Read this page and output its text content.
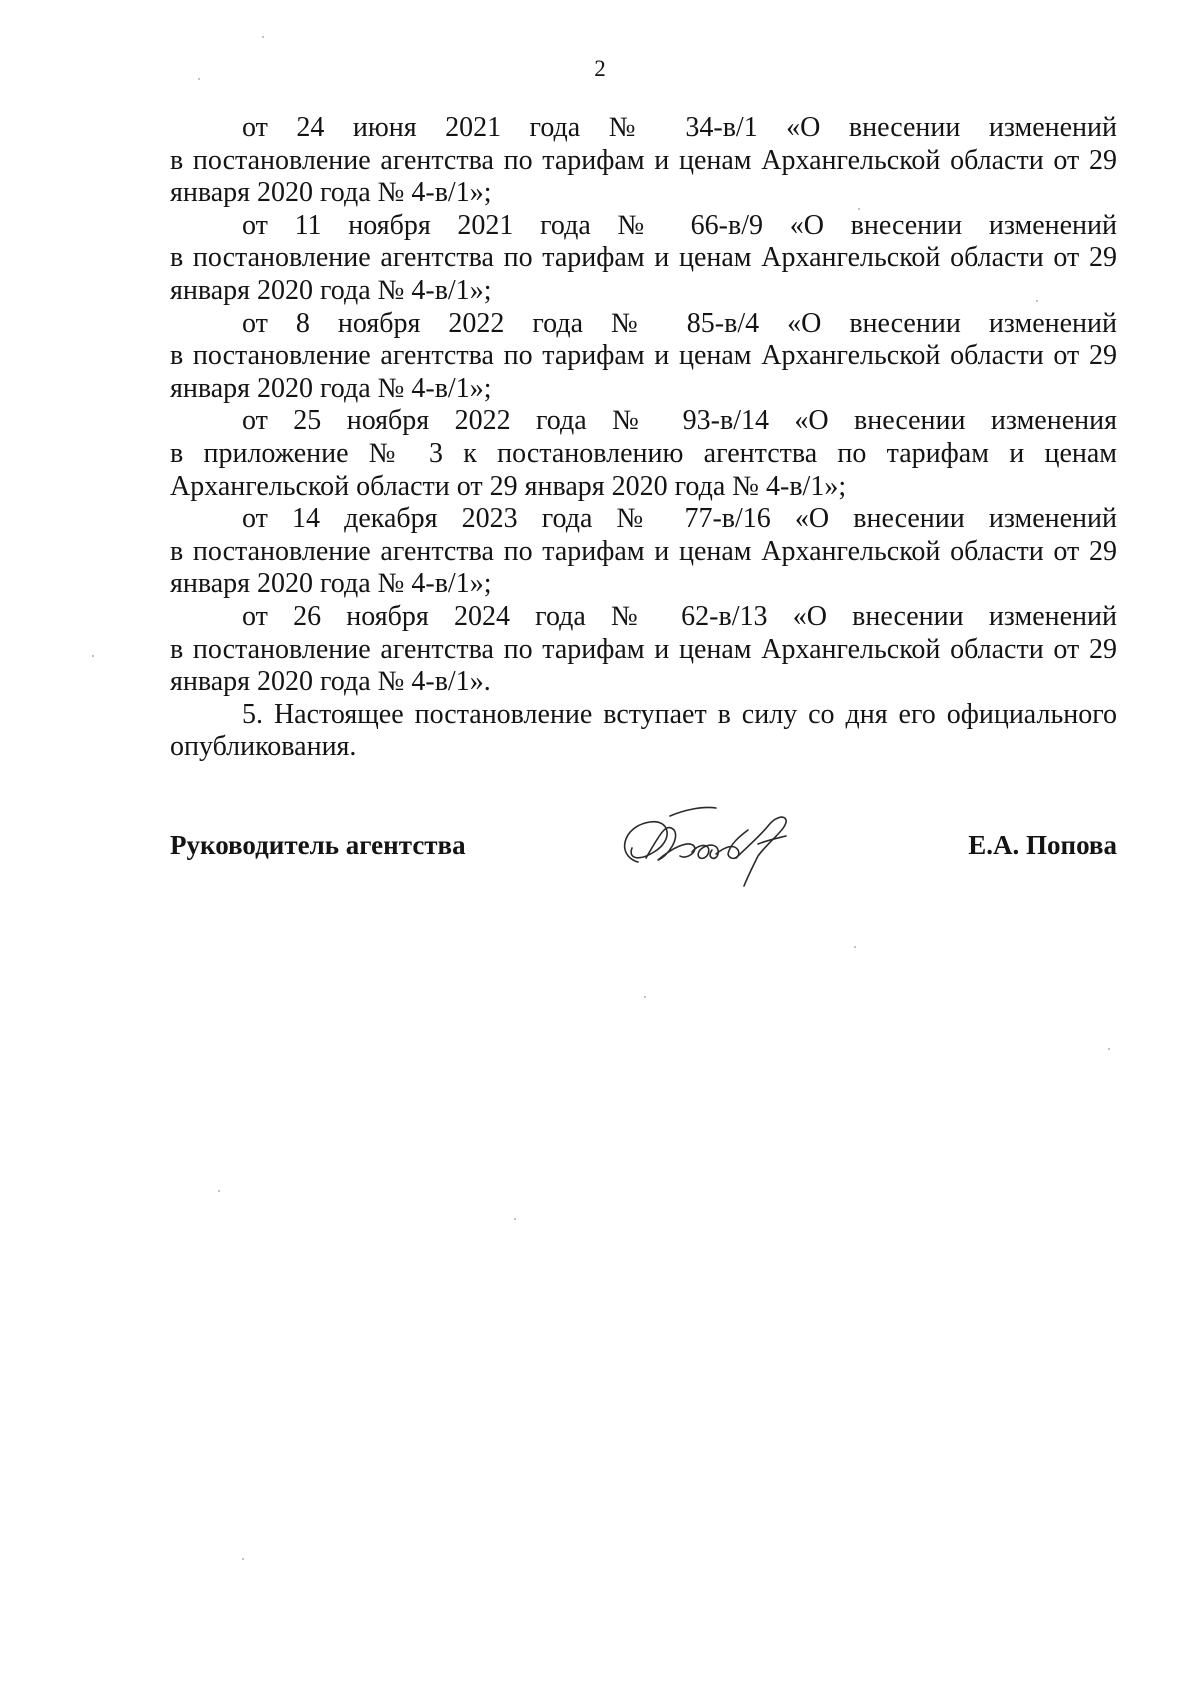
2

от 24 июня 2021 года № 34-в/1 «О внесении изменений
в постановление агентства по тарифам и ценам Архангельской области от 29 января 2020 года № 4-в/1»;

от 11 ноября 2021 года № 66-в/9 «О внесении изменений
в постановление агентства по тарифам и ценам Архангельской области от 29 января 2020 года № 4-в/1»;

от 8 ноября 2022 года № 85-в/4 «О внесении изменений
в постановление агентства по тарифам и ценам Архангельской области от 29 января 2020 года № 4-в/1»;

от 25 ноября 2022 года № 93-в/14 «О внесении изменения
в приложение № 3 к постановлению агентства по тарифам и ценам Архангельской области от 29 января 2020 года № 4-в/1»;

от 14 декабря 2023 года № 77-в/16 «О внесении изменений
в постановление агентства по тарифам и ценам Архангельской области от 29 января 2020 года № 4-в/1»;

от 26 ноября 2024 года № 62-в/13 «О внесении изменений
в постановление агентства по тарифам и ценам Архангельской области от 29 января 2020 года № 4-в/1».

5. Настоящее постановление вступает в силу со дня его официального
опубликования.

Руководитель агентства	Е.А. Попова
